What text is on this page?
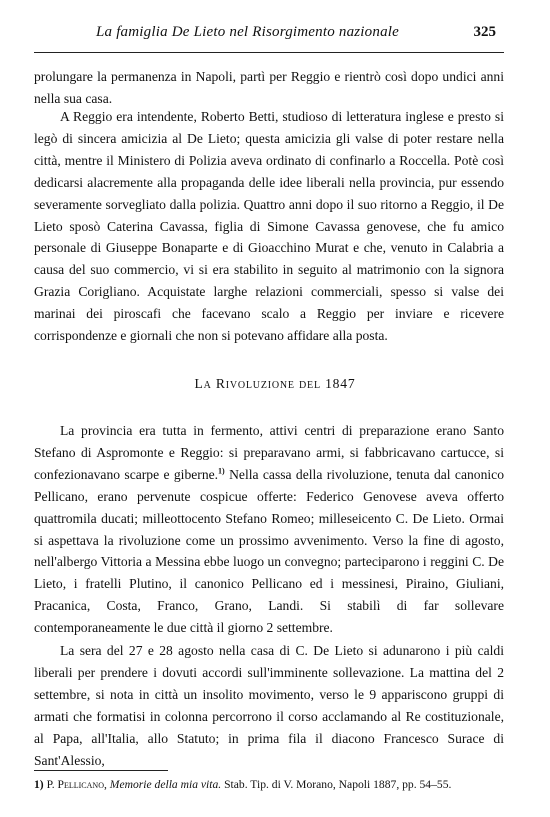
La famiglia De Lieto nel Risorgimento nazionale	325

prolungare la permanenza in Napoli, partì per Reggio e rientrò così dopo undici anni nella sua casa.

A Reggio era intendente, Roberto Betti, studioso di letteratura inglese e presto si legò di sincera amicizia al De Lieto; questa amicizia gli valse di poter restare nella città, mentre il Ministero di Polizia aveva ordinato di confinarlo a Roccella. Potè così dedicarsi alacremente alla propaganda delle idee liberali nella provincia, pur essendo severamente sorvegliato dalla polizia. Quattro anni dopo il suo ritorno a Reggio, il De Lieto sposò Caterina Cavassa, figlia di Simone Cavassa genovese, che fu amico personale di Giuseppe Bonaparte e di Gioacchino Murat e che, venuto in Calabria a causa del suo commercio, vi si era stabilito in seguito al matrimonio con la signora Grazia Corigliano. Acquistate larghe relazioni commerciali, spesso si valse dei marinai dei piroscafi che facevano scalo a Reggio per inviare e ricevere corrispondenze e giornali che non si potevano affidare alla posta.

La Rivoluzione del 1847

La provincia era tutta in fermento, attivi centri di preparazione erano Santo Stefano di Aspromonte e Reggio: si preparavano armi, si fabbricavano cartucce, si confezionavano scarpe e giberne.$^{1)}$ Nella cassa della rivoluzione, tenuta dal canonico Pellicano, erano pervenute cospicue offerte: Federico Genovese aveva offerto quattromila ducati; milleottocento Stefano Romeo; milleseicento C. De Lieto. Ormai si aspettava la rivoluzione come un prossimo avvenimento. Verso la fine di agosto, nell'albergo Vittoria a Messina ebbe luogo un convegno; parteciparono i reggini C. De Lieto, i fratelli Plutino, il canonico Pellicano ed i messinesi, Piraino, Giuliani, Pracanica, Costa, Franco, Grano, Landi. Si stabilì di far sollevare contemporaneamente le due città il giorno 2 settembre.

La sera del 27 e 28 agosto nella casa di C. De Lieto si adunarono i più caldi liberali per prendere i dovuti accordi sull'imminente sollevazione. La mattina del 2 settembre, si nota in città un insolito movimento, verso le 9 appariscono gruppi di armati che formatisi in colonna percorrono il corso acclamando al Re costituzionale, al Papa, all'Italia, allo Statuto; in prima fila il diacono Francesco Surace di Sant'Alessio,

1) P. Pellicano, Memorie della mia vita. Stab. Tip. di V. Morano, Napoli 1887, pp. 54–55.
